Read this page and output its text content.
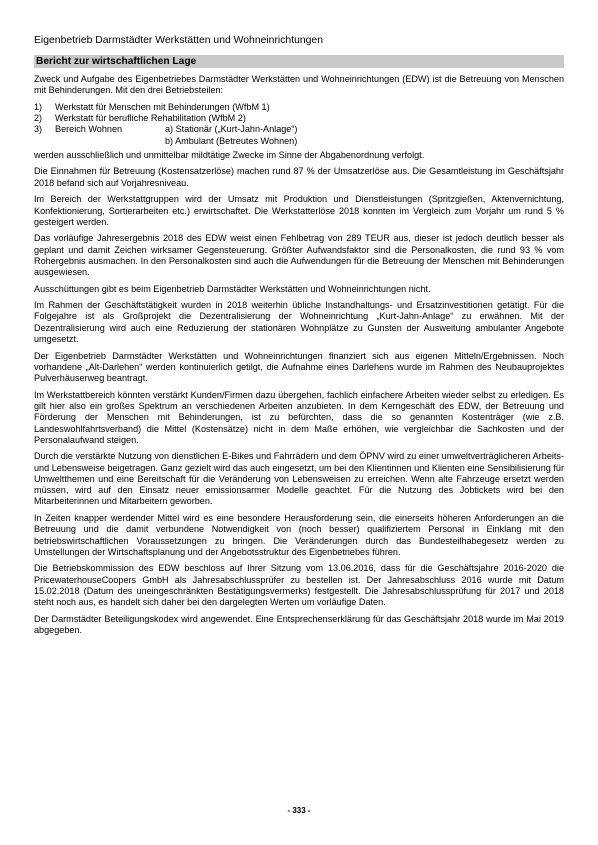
Eigenbetrieb Darmstädter Werkstätten und Wohneinrichtungen
Bericht zur wirtschaftlichen Lage

Zweck und Aufgabe des Eigenbetriebes Darmstädter Werkstätten und Wohneinrichtungen (EDW) ist die Betreuung von Menschen mit Behinderungen. Mit den drei Betriebsteilen:

1) Werkstatt für Menschen mit Behinderungen (WfbM 1)
2) Werkstatt für berufliche Rehabilitation (WfbM 2)
3) Bereich Wohnen	a) Stationär („Kurt-Jahn-Anlage“)
b) Ambulant (Betreutes Wohnen)

werden ausschließlich und unmittelbar mildtätige Zwecke im Sinne der Abgabenordnung verfolgt.

Die Einnahmen für Betreuung (Kostensatzerlöse) machen rund 87 % der Umsatzerlöse aus. Die Gesamtleistung im Geschäftsjahr 2018 befand sich auf Vorjahresniveau.

Im Bereich der Werkstattgruppen wird der Umsatz mit Produktion und Dienstleistungen (Spritzgießen, Aktenvernichtung, Konfektionierung, Sortierarbeiten etc.) erwirtschaftet. Die Werkstatterlöse 2018 konnten im Vergleich zum Vorjahr um rund 5 % gesteigert werden.

Das vorläufige Jahresergebnis 2018 des EDW weist einen Fehlbetrag von 289 TEUR aus, dieser ist jedoch deutlich besser als geplant und damit Zeichen wirksamer Gegensteuerung. Größter Aufwandsfaktor sind die Personalkosten, die rund 93 % vom Rohergebnis ausmachen. In den Personalkosten sind auch die Aufwendungen für die Betreuung der Menschen mit Behinderungen ausgewiesen.

Ausschüttungen gibt es beim Eigenbetrieb Darmstädter Werkstätten und Wohneinrichtungen nicht.

Im Rahmen der Geschäftstätigkeit wurden in 2018 weiterhin übliche Instandhaltungs- und Ersatzinvestitionen getätigt. Für die Folgejahre ist als Großprojekt die Dezentralisierung der Wohneinrichtung „Kurt-Jahn-Anlage“ zu erwähnen. Mit der Dezentralisierung wird auch eine Reduzierung der stationären Wohnplätze zu Gunsten der Ausweitung ambulanter Angebote umgesetzt.

Der Eigenbetrieb Darmstädter Werkstätten und Wohneinrichtungen finanziert sich aus eigenen Mitteln/Ergebnissen. Noch vorhandene „Alt-Darlehen“ werden kontinuierlich getilgt, die Aufnahme eines Darlehens wurde im Rahmen des Neubauprojektes Pulverhäuserweg beantragt.

Im Werkstattbereich könnten verstärkt Kunden/Firmen dazu übergehen, fachlich einfachere Arbeiten wieder selbst zu erledigen. Es gilt hier also ein großes Spektrum an verschiedenen Arbeiten anzubieten. In dem Kerngeschäft des EDW, der Betreuung und Förderung der Menschen mit Behinderungen, ist zu befürchten, dass die so genannten Kostenträger (wie z.B. Landeswohlfahrtsverband) die Mittel (Kostensätze) nicht in dem Maße erhöhen, wie vergleichbar die Sachkosten und der Personalaufwand steigen.

Durch die verstärkte Nutzung von dienstlichen E-Bikes und Fahrrädern und dem ÖPNV wird zu einer umweltverträglicheren Arbeits- und Lebensweise beigetragen. Ganz gezielt wird das auch eingesetzt, um bei den Klientinnen und Klienten eine Sensibilisierung für Umweltthemen und eine Bereitschaft für die Veränderung von Lebensweisen zu erreichen. Wenn alte Fahrzeuge ersetzt werden müssen, wird auf den Einsatz neuer emissionsarmer Modelle geachtet. Für die Nutzung des Jobtickets wird bei den Mitarbeiterinnen und Mitarbeitern geworben.

In Zeiten knapper werdender Mittel wird es eine besondere Herausforderung sein, die einerseits höheren Anforderungen an die Betreuung und die damit verbundene Notwendigkeit von (noch besser) qualifiziertem Personal in Einklang mit den betriebswirtschaftlichen Voraussetzungen zu bringen. Die Veränderungen durch das Bundesteilhabegesetz werden zu Umstellungen der Wirtschaftsplanung und der Angebotsstruktur des Eigenbetriebes führen.

Die Betriebskommission des EDW beschloss auf Ihrer Sitzung vom 13.06.2016, dass für die Geschäftsjahre 2016-2020 die PricewaterhouseCoopers GmbH als Jahresabschlussprüfer zu bestellen ist. Der Jahresabschluss 2016 wurde mit Datum 15.02.2018 (Datum des uneingeschränkten Bestätigungsvermerks) festgestellt. Die Jahresabschlussprüfung für 2017 und 2018 steht noch aus, es handelt sich daher bei den dargelegten Werten um vorläufige Daten.

Der Darmstädter Beteiligungskodex wird angewendet. Eine Entsprechenserklärung für das Geschäftsjahr 2018 wurde im Mai 2019 abgegeben.

- 333 -
